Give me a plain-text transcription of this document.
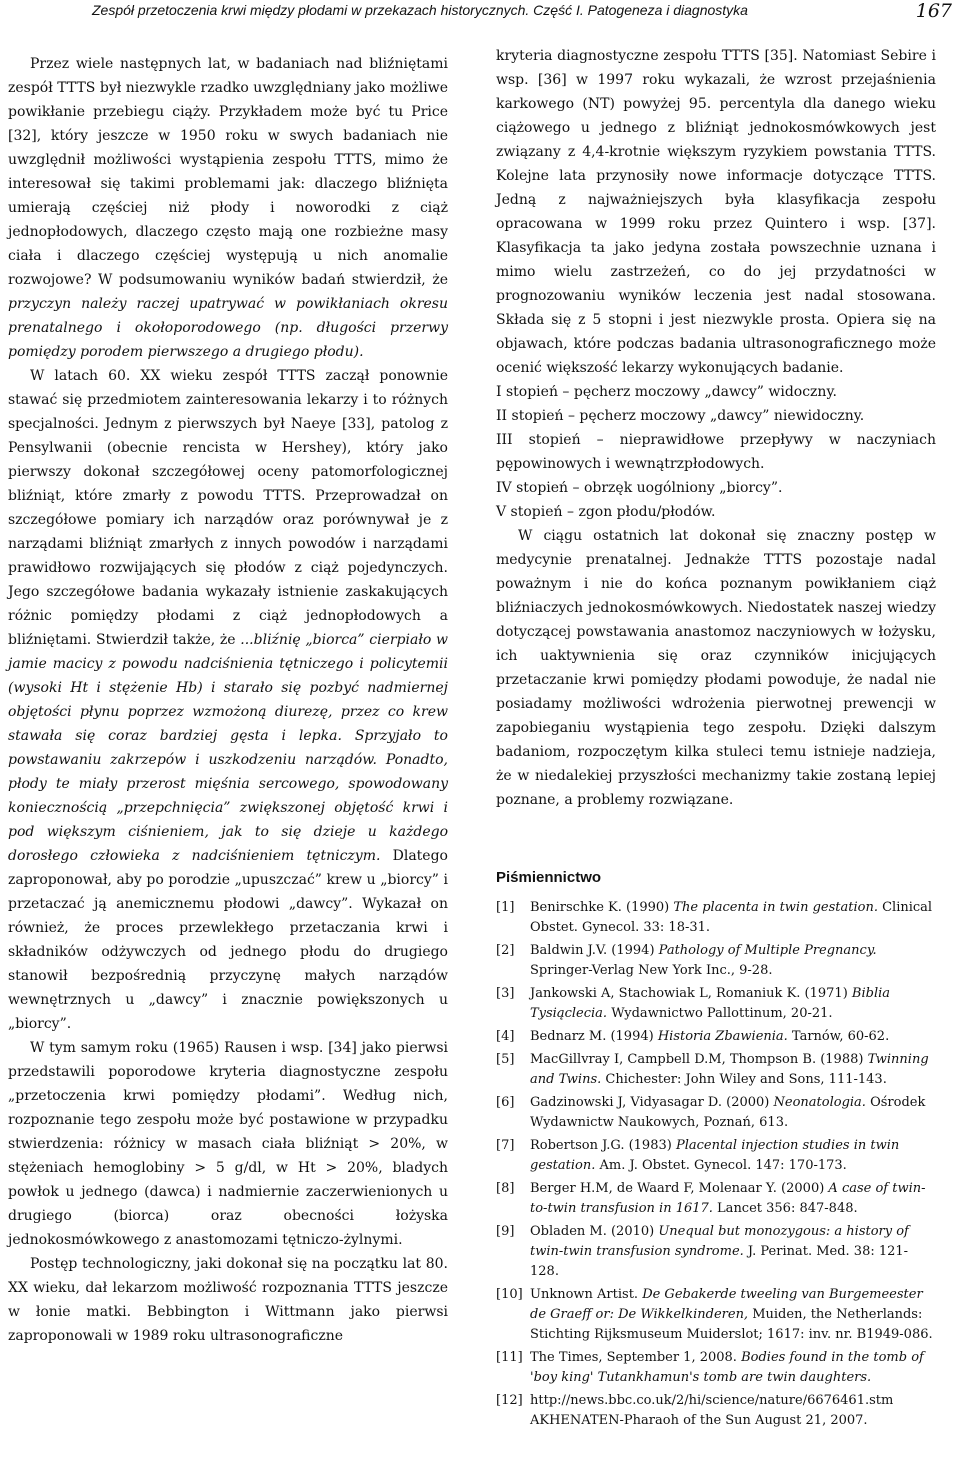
Zespół przetoczenia krwi między płodami w przekazach historycznych. Część I. Patogeneza i diagnostyka	167

Przez wiele następnych lat, w badaniach nad bliźniętami zespół TTTS był niezwykle rzadko uwzględniany jako możliwe powikłanie przebiegu ciąży. Przykładem może być tu Price [32], który jeszcze w 1950 roku w swych badaniach nie uwzględnił możliwości wystąpienia zespołu TTTS, mimo że interesował się takimi problemami jak: dlaczego bliźnięta umierają częściej niż płody i noworodki z ciąż jednopłodowych, dlaczego często mają one rozbieżne masy ciała i dlaczego częściej występują u nich anomalie rozwojowe? W podsumowaniu wyników badań stwierdził, że przyczyn należy raczej upatrywać w powikłaniach okresu prenatalnego i okołoporodowego (np. długości przerwy pomiędzy porodem pierwszego a drugiego płodu).

W latach 60. XX wieku zespół TTTS zaczął ponownie stawać się przedmiotem zainteresowania lekarzy i to różnych specjalności. Jednym z pierwszych był Naeye [33], patolog z Pensylwanii (obecnie rencista w Hershey), który jako pierwszy dokonał szczegółowej oceny patomorfologicznej bliźniąt, które zmarły z powodu TTTS. Przeprowadzał on szczegółowe pomiary ich narządów oraz porównywał je z narządami bliźniąt zmarłych z innych powodów i narządami prawidłowo rozwijających się płodów z ciąż pojedynczych. Jego szczegółowe badania wykazały istnienie zaskakujących różnic pomiędzy płodami z ciąż jednopłodowych a bliźniętami. Stwierdził także, że ...bliźnię „biorca” cierpiało w jamie macicy z powodu nadciśnienia tętniczego i policytemii (wysoki Ht i stężenie Hb) i starało się pozbyć nadmiernej objętości płynu poprzez wzmożoną diurezę, przez co krew stawała się coraz bardziej gęsta i lepka. Sprzyjało to powstawaniu zakrzepów i uszkodzeniu narządów. Ponadto, płody te miały przerost mięśnia sercowego, spowodowany koniecznością „przepchnięcia” zwiększonej objętość krwi i pod większym ciśnieniem, jak to się dzieje u każdego dorosłego człowieka z nadciśnieniem tętniczym. Dlatego zaproponował, aby po porodzie „upuszczać” krew u „biorcy” i przetaczać ją anemicznemu płodowi „dawcy”. Wykazał on również, że proces przewlekłego przetaczania krwi i składników odżywczych od jednego płodu do drugiego stanowił bezpośrednią przyczynę małych narządów wewnętrznych u „dawcy” i znacznie powiększonych u „biorcy”.

W tym samym roku (1965) Rausen i wsp. [34] jako pierwsi przedstawili poporodowe kryteria diagnostyczne zespołu „przetoczenia krwi pomiędzy płodami”. Według nich, rozpoznanie tego zespołu może być postawione w przypadku stwierdzenia: różnicy w masach ciała bliźniąt > 20%, w stężeniach hemoglobiny > 5 g/dl, w Ht > 20%, bladych powłok u jednego (dawca) i nadmiernie zaczerwienionych u drugiego (biorca) oraz obecności łożyska jednokosmówkowego z anastomozami tętniczo-żylnymi.

Postęp technologiczny, jaki dokonał się na początku lat 80. XX wieku, dał lekarzom możliwość rozpoznania TTTS jeszcze w łonie matki. Bebbington i Wittmann jako pierwsi zaproponowali w 1989 roku ultrasonograficzne

kryteria diagnostyczne zespołu TTTS [35]. Natomiast Sebire i wsp. [36] w 1997 roku wykazali, że wzrost przejaśnienia karkowego (NT) powyżej 95. percentyla dla danego wieku ciążowego u jednego z bliźniąt jednokosmówkowych jest związany z 4,4-krotnie większym ryzykiem powstania TTTS. Kolejne lata przynosiły nowe informacje dotyczące TTTS. Jedną z najważniejszych była klasyfikacja zespołu opracowana w 1999 roku przez Quintero i wsp. [37]. Klasyfikacja ta jako jedyna została powszechnie uznana i mimo wielu zastrzeżeń, co do jej przydatności w prognozowaniu wyników leczenia jest nadal stosowana. Składa się z 5 stopni i jest niezwykle prosta. Opiera się na objawach, które podczas badania ultrasonograficznego może ocenić większość lekarzy wykonujących badanie.

I stopień – pęcherz moczowy „dawcy” widoczny.

II stopień – pęcherz moczowy „dawcy” niewidoczny.

III stopień – nieprawidłowe przepływy w naczyniach pępowinowych i wewnątrzpłodowych.

IV stopień – obrzęk uogólniony „biorcy”.

V stopień – zgon płodu/płodów.

W ciągu ostatnich lat dokonał się znaczny postęp w medycynie prenatalnej. Jednakże TTTS pozostaje nadal poważnym i nie do końca poznanym powikłaniem ciąż bliźniaczych jednokosmówkowych. Niedostatek naszej wiedzy dotyczącej powstawania anastomoz naczyniowych w łożysku, ich uaktywnienia się oraz czynników inicjujących przetaczanie krwi pomiędzy płodami powoduje, że nadal nie posiadamy możliwości wdrożenia pierwotnej prewencji w zapobieganiu wystąpienia tego zespołu. Dzięki dalszym badaniom, rozpoczętym kilka stuleci temu istnieje nadzieja, że w niedalekiej przyszłości mechanizmy takie zostaną lepiej poznane, a problemy rozwiązane.

Piśmiennictwo
[1] Benirschke K. (1990) The placenta in twin gestation. Clinical Obstet. Gynecol. 33: 18-31.
[2] Baldwin J.V. (1994) Pathology of Multiple Pregnancy. Springer-Verlag New York Inc., 9-28.
[3] Jankowski A, Stachowiak L, Romaniuk K. (1971) Biblia Tysiąclecia. Wydawnictwo Pallottinum, 20-21.
[4] Bednarz M. (1994) Historia Zbawienia. Tarnów, 60-62.
[5] MacGillvray I, Campbell D.M, Thompson B. (1988) Twinning and Twins. Chichester: John Wiley and Sons, 111-143.
[6] Gadzinowski J, Vidyasagar D. (2000) Neonatologia. Ośrodek Wydawnictw Naukowych, Poznań, 613.
[7] Robertson J.G. (1983) Placental injection studies in twin gestation. Am. J. Obstet. Gynecol. 147: 170-173.
[8] Berger H.M, de Waard F, Molenaar Y. (2000) A case of twin-to-twin transfusion in 1617. Lancet 356: 847-848.
[9] Obladen M. (2010) Unequal but monozygous: a history of twin-twin transfusion syndrome. J. Perinat. Med. 38: 121-128.
[10] Unknown Artist. De Gebakerde tweeling van Burgemeester de Graeff or: De Wikkelkinderen, Muiden, the Netherlands: Stichting Rijksmuseum Muiderslot; 1617: inv. nr. B1949-086.
[11] The Times, September 1, 2008. Bodies found in the tomb of 'boy king' Tutankhamun's tomb are twin daughters.
[12] http://news.bbc.co.uk/2/hi/science/nature/6676461.stm AKHENATEN-Pharaoh of the Sun August 21, 2007.
